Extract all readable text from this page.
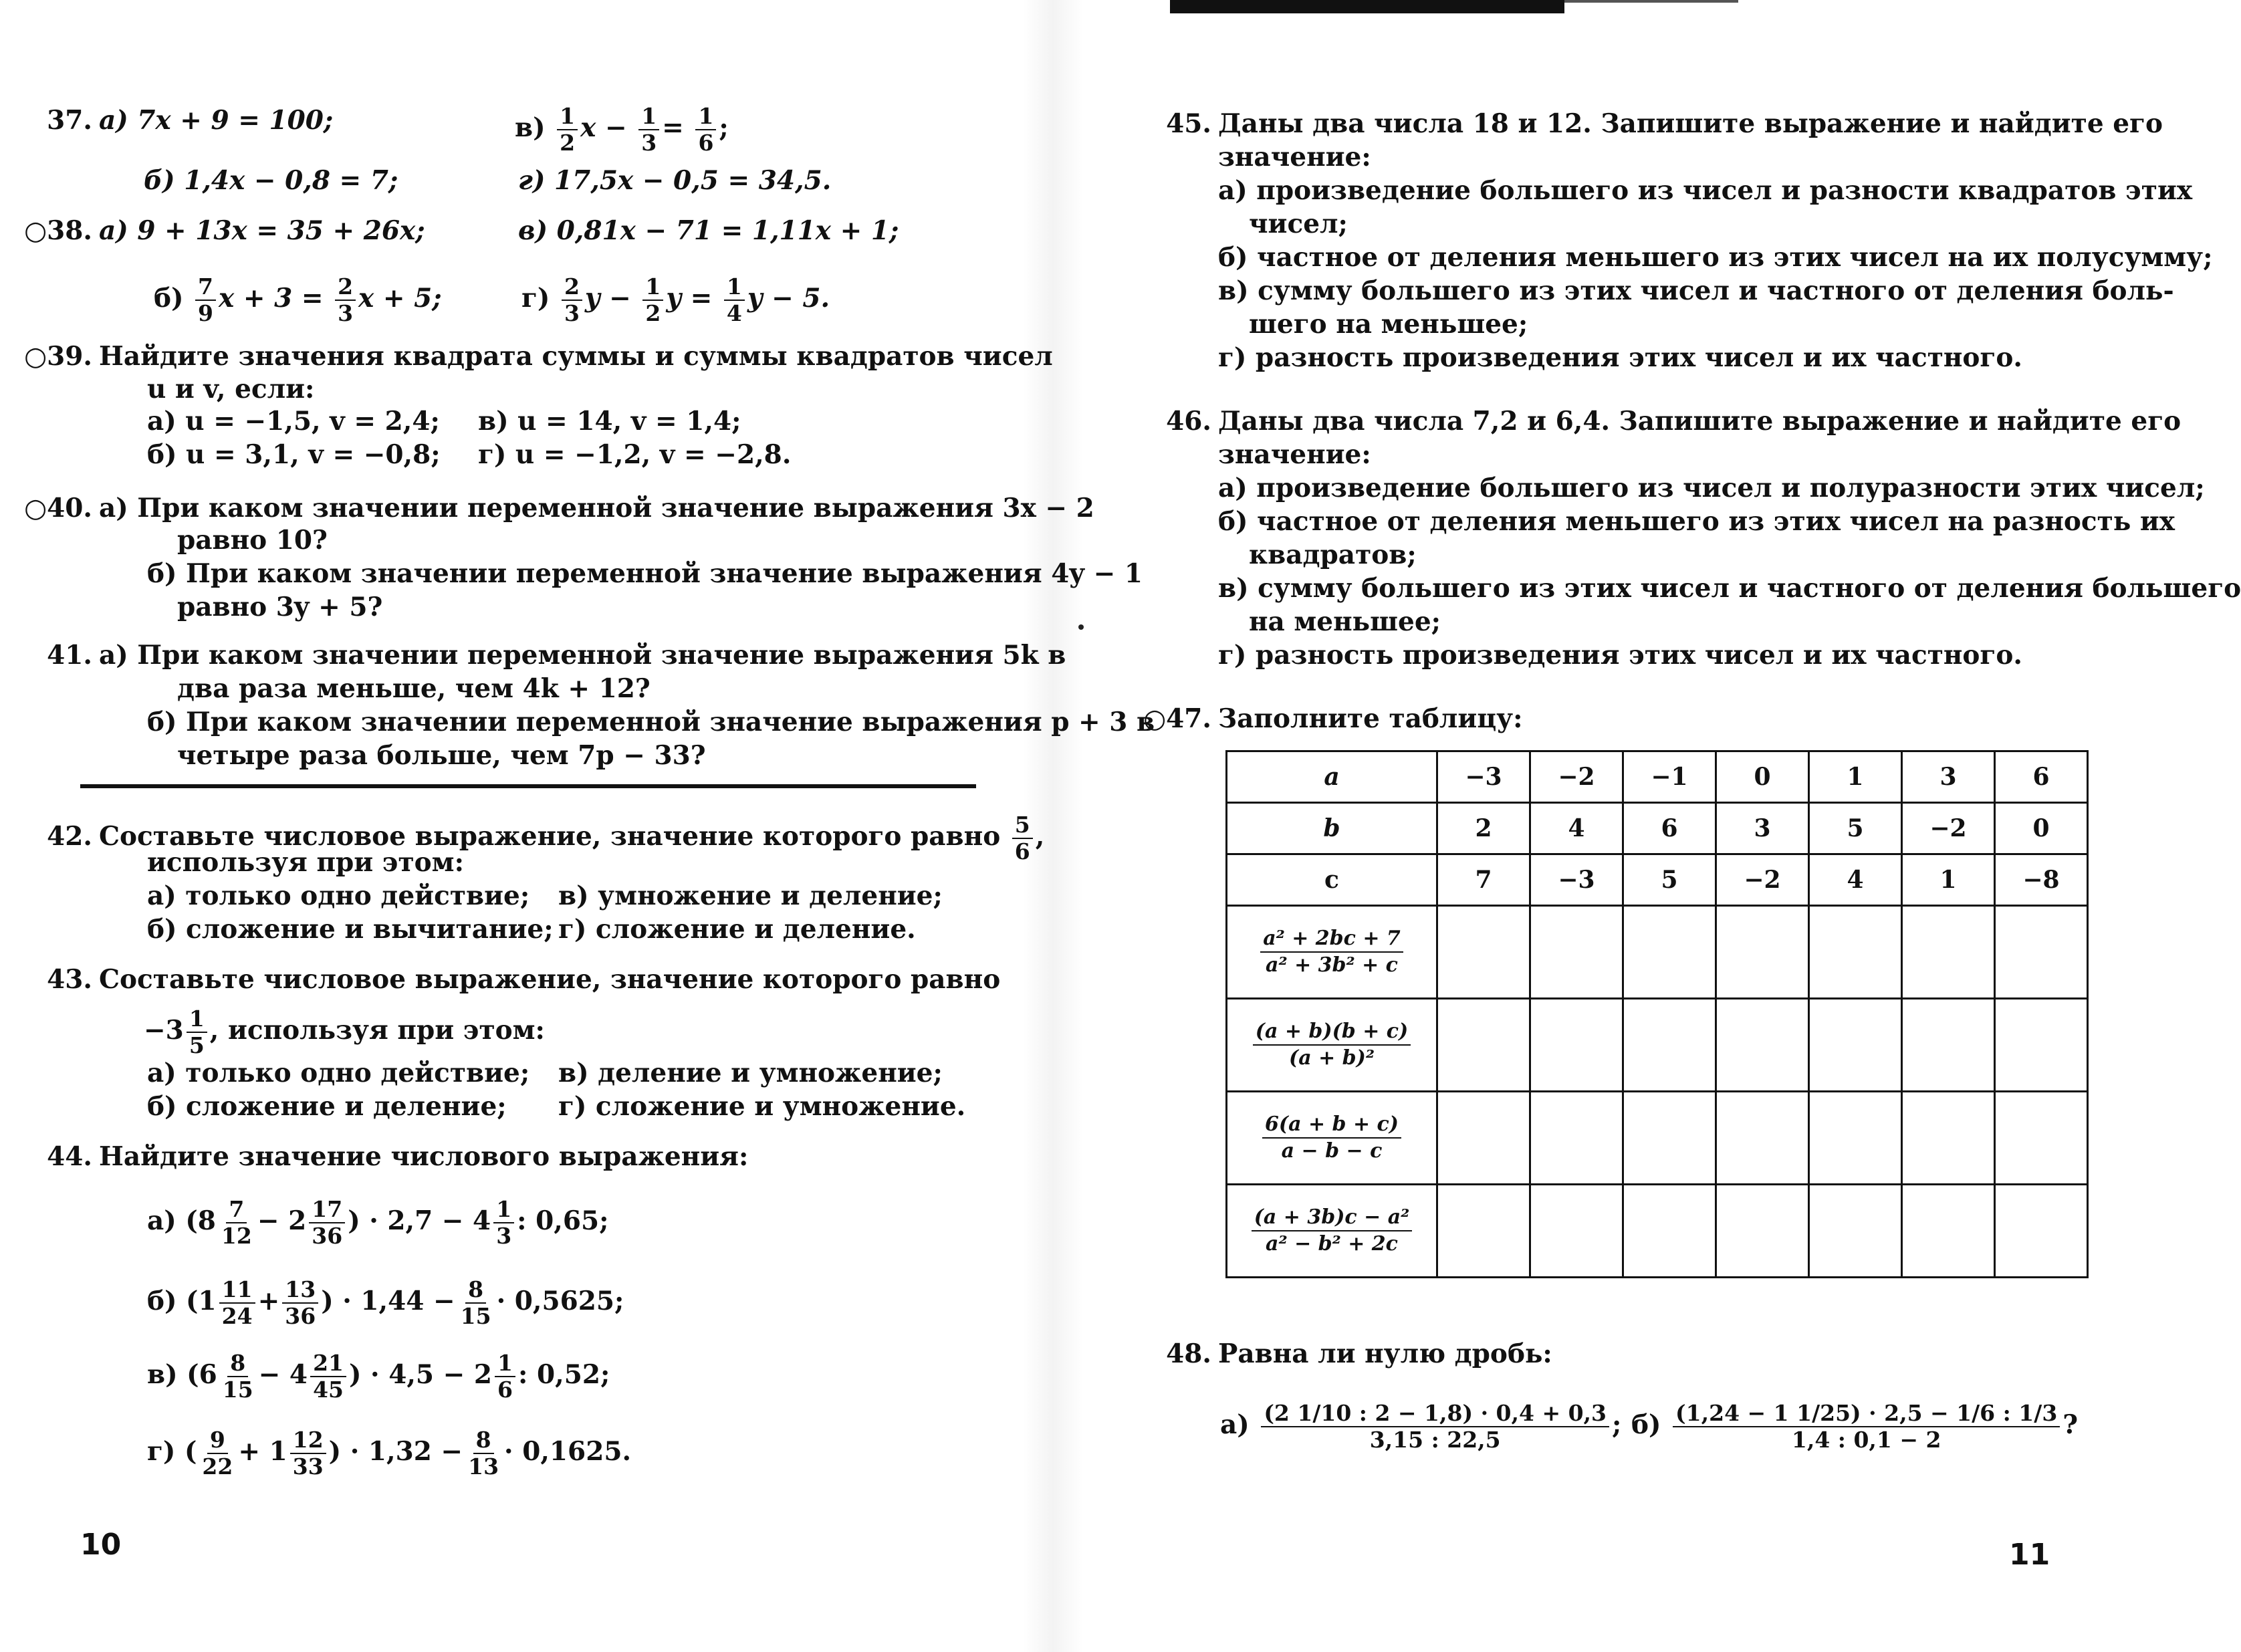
37. а) 7x + 9 = 100;	$в) \frac{1}{2}$ $x - \frac{1}{3} = \frac{1}{6}$ ;
б) 1,4x − 0,8 = 7;	г) 17,5x − 0,5 = 34,5.
○38. а) 9 + 13x = 35 + 26x;	в) 0,81x − 71 = 1,11x + 1;
$б) \frac{7}{9}$ $x + 3 = \frac{2}{3}$ x + 5;	$г) \frac{2}{3}$ $y - \frac{1}{2}$ $y = \frac{1}{4}$ y − 5.
○39. Найдите значения квадрата суммы и суммы квадратов чисел
u и v, если:
а) u = −1,5, v = 2,4; в) u = 14, v = 1,4;
б) u = 3,1, v = −0,8; г) u = −1,2, v = −2,8.
○40. а) При каком значении переменной значение выражения 3x − 2
равно 10?
б) При каком значении переменной значение выражения 4y − 1
равно 3y + 5?
41. а) При каком значении переменной значение выражения 5k в
два раза меньше, чем 4k + 12?
б) При каком значении переменной значение выражения p + 3 в
четыре раза больше, чем 7p − 33?
42. Составьте числовое выражение, значение которого равно $\frac{5}{6}$ ,
используя при этом:
а) только одно действие; в) умножение и деление;
б) сложение и вычитание; г) сложение и деление.
43. Составьте числовое выражение, значение которого равно
$-3 \frac{1}{5}$ , используя при этом:
а) только одно действие; в) деление и умножение;
б) сложение и деление; г) сложение и умножение.
44. Найдите значение числового выражения:
а) ($8 \frac{7}{12} - 2 \frac{17}{36}$ ) · $2,7 - 4 \frac{1}{3}$ : 0,65;
б) ($1 \frac{11}{24} + \frac{13}{36}$ ) · $1,44 - \frac{8}{15} \cdot 0,5625$;
в) ($6 \frac{8}{15} - 4 \frac{21}{45}$ ) · $4,5 - 2 \frac{1}{6}$ : 0,52;
г) ( $\frac{9}{22} + 1 \frac{12}{33}$ ) · $1,32 - \frac{8}{13} \cdot 0,1625$.
10
45. Даны два числа 18 и 12. Запишите выражение и найдите его
значение:
а) произведение большего из чисел и разности квадратов этих
чисел;
б) частное от деления меньшего из этих чисел на их полусумму;
в) сумму большего из этих чисел и частного от деления боль-
шего на меньшее;
г) разность произведения этих чисел и их частного.
46. Даны два числа 7,2 и 6,4. Запишите выражение и найдите его
значение:
а) произведение большего из чисел и полуразности этих чисел;
б) частное от деления меньшего из этих чисел на разность их
квадратов;
в) сумму большего из этих чисел и частного от деления большего
на меньшее;
г) разность произведения этих чисел и их частного.
○47. Заполните таблицу:
a	−3	−2	−1	0	1	3	6
b	2	4	6	3	5	−2	0
c	7	−3	5	−2	4	1	−8

$\frac{\text{a² + 2bc + 7}}{\text{a² + 3b² + c}}$

$\frac{(a + b)(b + c)}{\text{(a + b)²}}$

$\frac{6(a + b + c)}{a - b - c}$

$\frac{\text{(a + 3b)c − a²}}{\text{a² − b² + 2c}}$

48. Равна ли нулю дробь:
$а) \frac{(2 1/10 : 2 - 1,8) \cdot 0,4 + 0,3}{3,15 : 22,5}$ ; $б) \frac{(1,24 - 1 1/25) \cdot 2,5 - 1/6 : 1/3}{1,4 : 0,1 - 2}$ ?
11
